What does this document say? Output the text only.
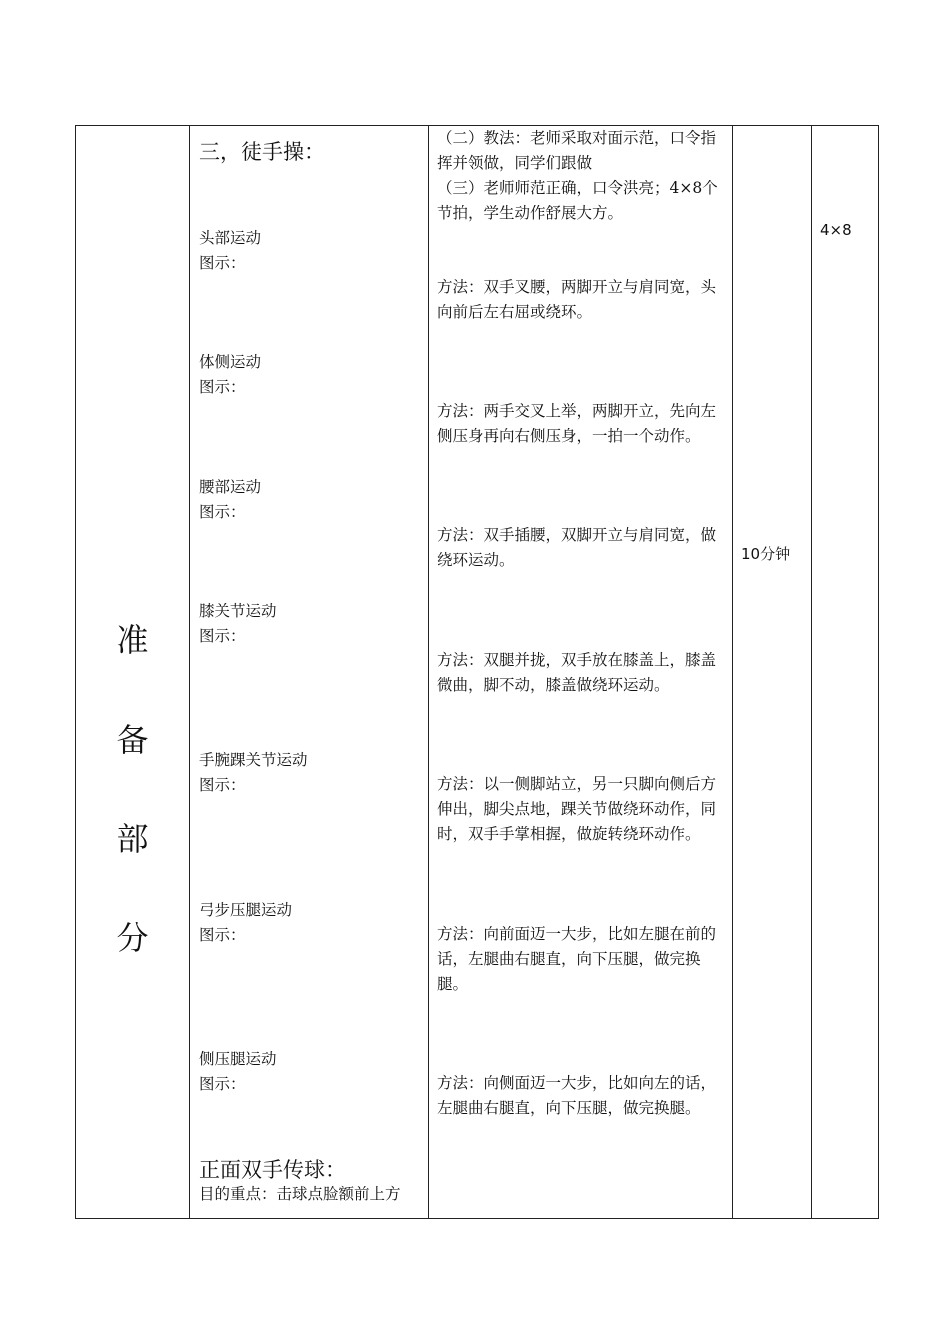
准
备
部
分
三，徒手操：
头部运动
图示：
体侧运动
图示：
腰部运动
图示：
膝关节运动
图示：
手腕踝关节运动
图示：
弓步压腿运动
图示：
侧压腿运动
图示：
正面双手传球：
目的重点：击球点脸额前上方
（二）教法：老师采取对面示范，口令指挥并领做，同学们跟做
（三）老师师范正确，口令洪亮；4×8个节拍，学生动作舒展大方。
方法：双手叉腰，两脚开立与肩同宽，头向前后左右屈或绕环。
方法：两手交叉上举，两脚开立，先向左侧压身再向右侧压身，一拍一个动作。
方法：双手插腰，双脚开立与肩同宽，做绕环运动。
方法：双腿并拢，双手放在膝盖上，膝盖微曲，脚不动，膝盖做绕环运动。
方法：以一侧脚站立，另一只脚向侧后方伸出，脚尖点地，踝关节做绕环动作，同时，双手手掌相握，做旋转绕环动作。
方法：向前面迈一大步，比如左腿在前的话，左腿曲右腿直，向下压腿，做完换腿。
方法：向侧面迈一大步，比如向左的话，左腿曲右腿直，向下压腿，做完换腿。
10分钟
4×8
